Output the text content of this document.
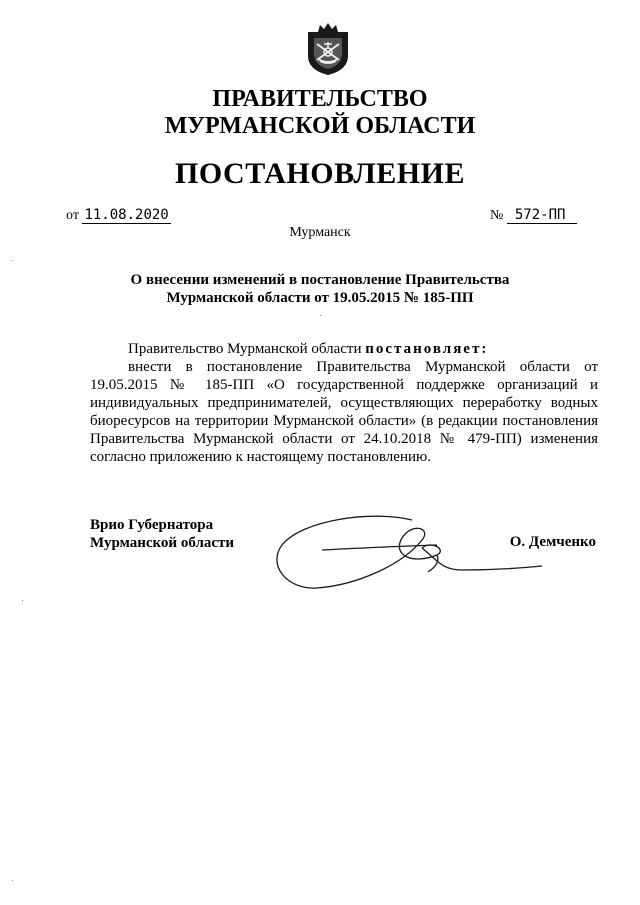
ПРАВИТЕЛЬСТВО
МУРМАНСКОЙ ОБЛАСТИ
ПОСТАНОВЛЕНИЕ
от 11.08.2020	№ 572-ПП
Мурманск
О внесении изменений в постановление Правительства
Мурманской области от 19.05.2015 № 185-ПП

Правительство Мурманской области постановляет:

внести в постановление Правительства Мурманской области от 19.05.2015 № 185-ПП «О государственной поддержке организаций и индивидуальных предпринимателей, осуществляющих переработку водных биоресурсов на территории Мурманской области» (в редакции постановления Правительства Мурманской области от 24.10.2018 № 479-ПП) изменения согласно приложению к настоящему постановлению.

Врио Губернатора
Мурманской области	О. Демченко
